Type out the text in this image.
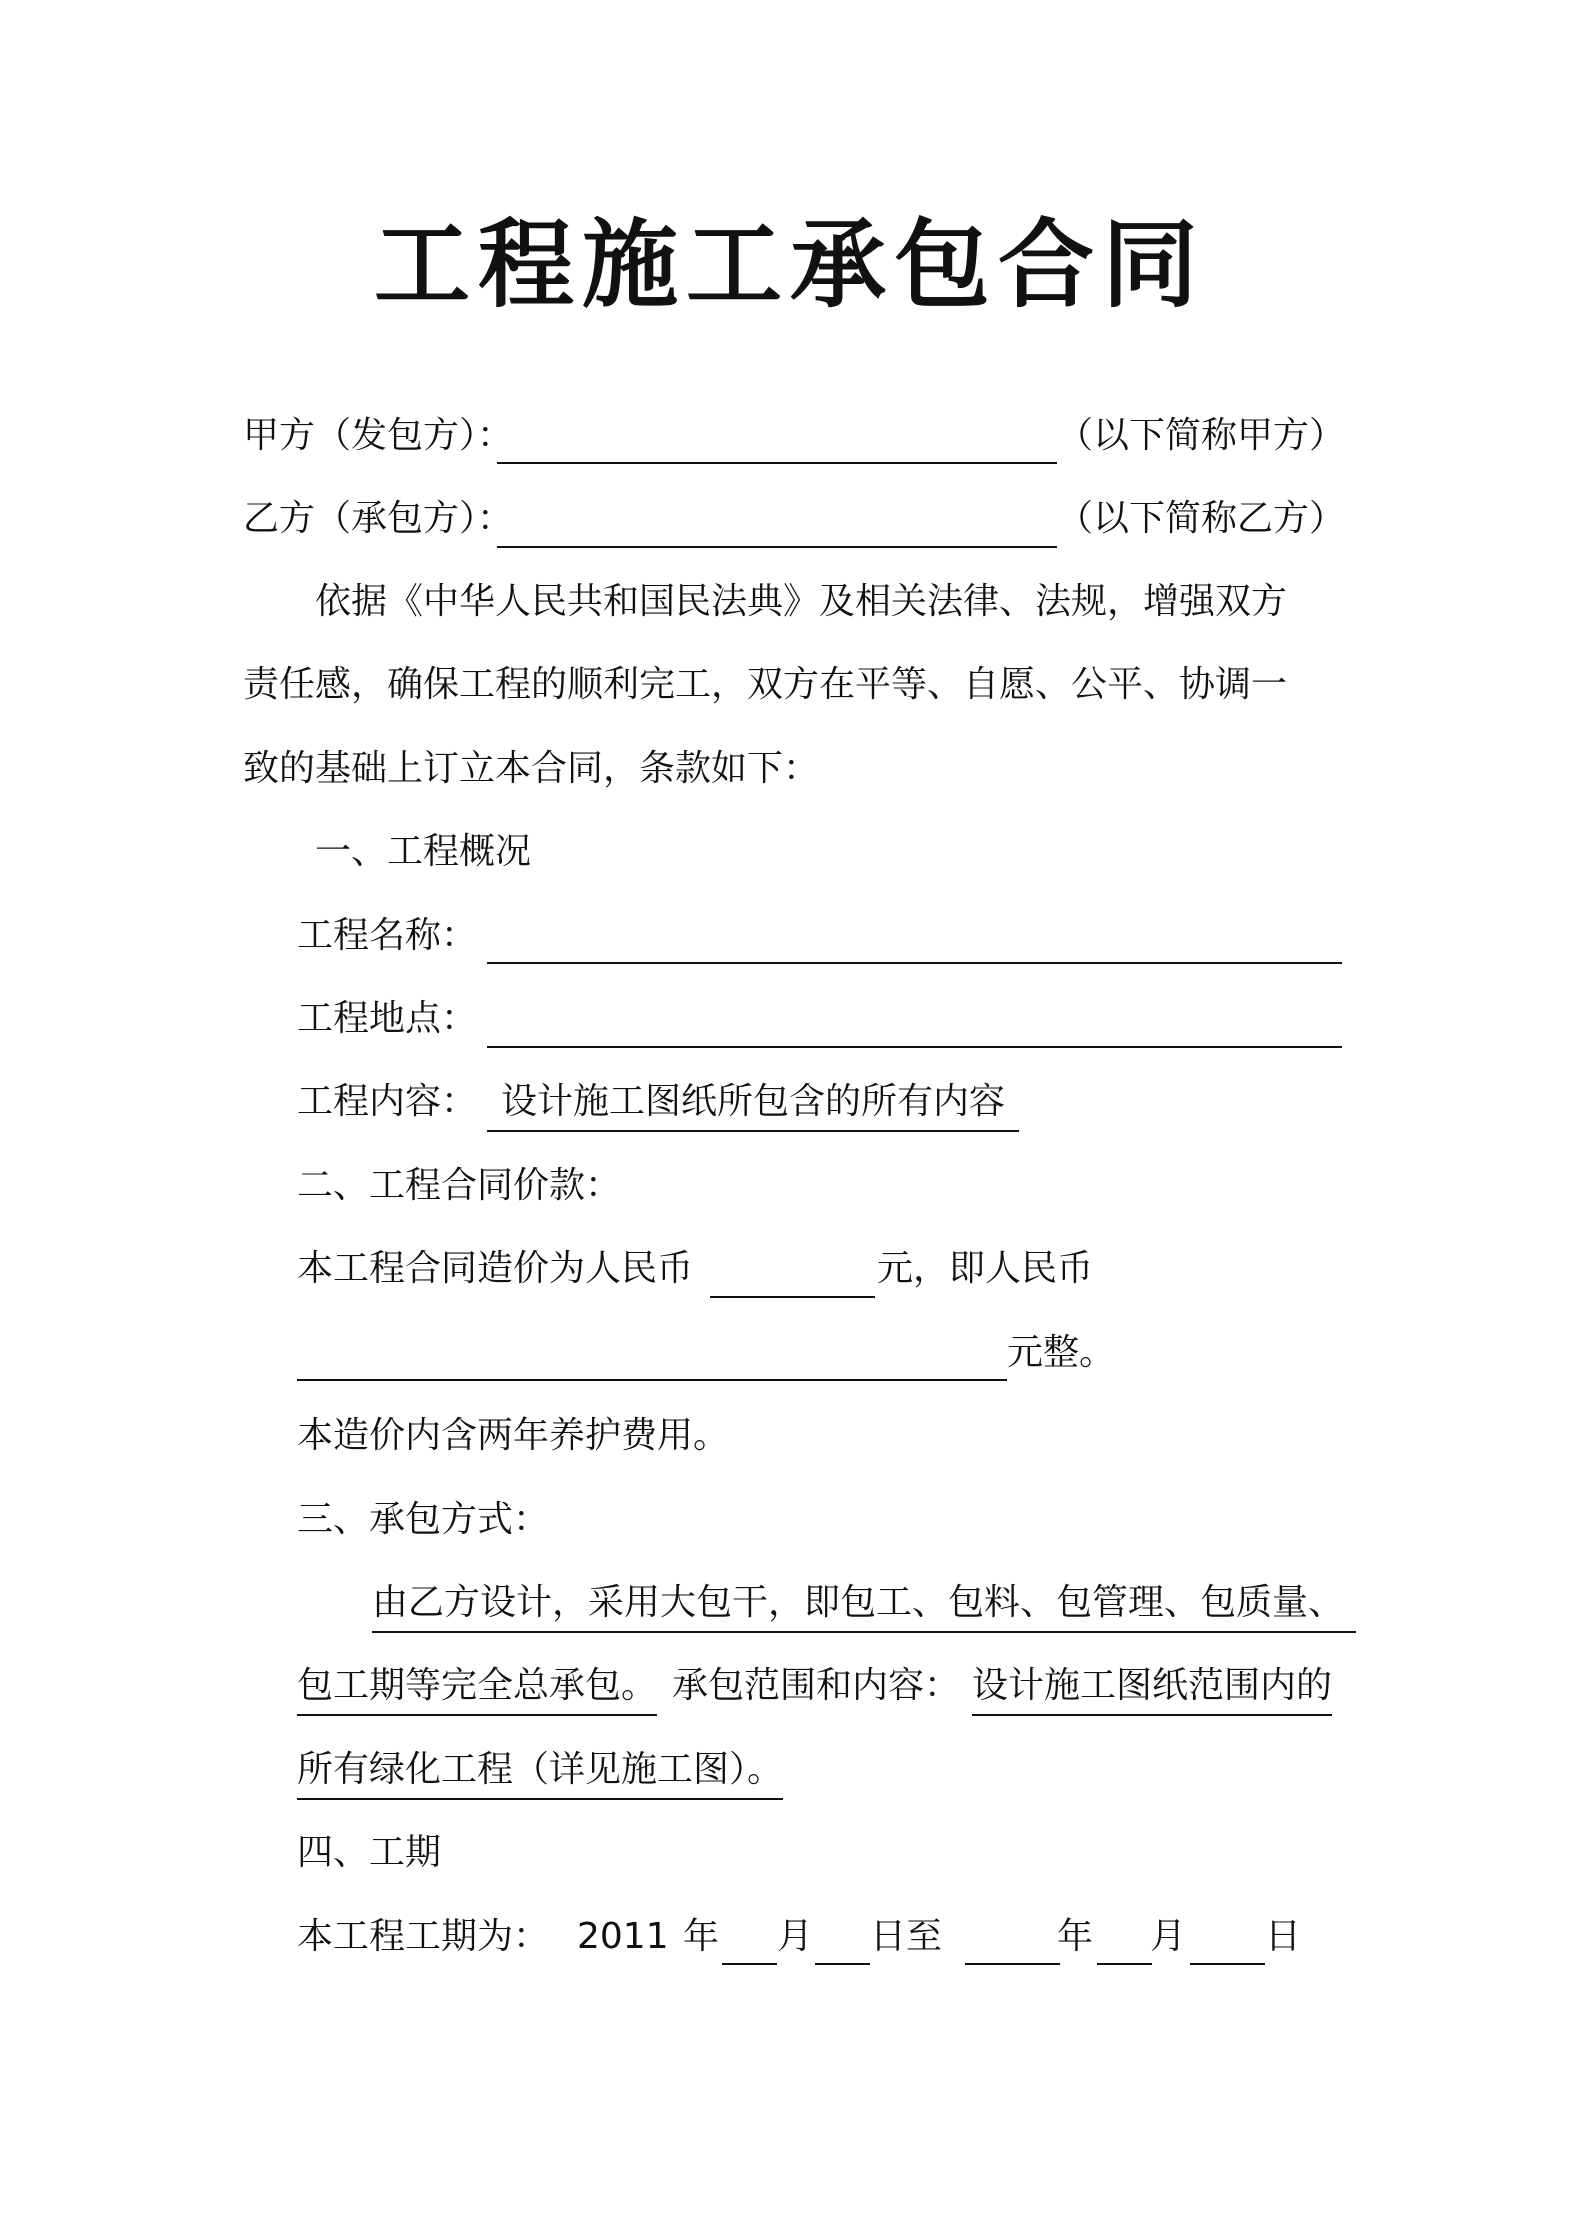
工程施工承包合同
甲方（发包方）：	（以下简称甲方）
乙方（承包方）：	（以下简称乙方）
依据《中华人民共和国民法典》及相关法律、法规，增强双方
责任感，确保工程的顺利完工，双方在平等、自愿、公平、协调一
致的基础上订立本合同，条款如下：
一、工程概况
工程名称：
工程地点：
工程内容： 设计施工图纸所包含的所有内容
二、工程合同价款：
本工程合同造价为人民币	元，即人民币
元整。
本造价内含两年养护费用。
三、承包方式：
由乙方设计，采用大包干，即包工、包料、包管理、包质量、
包工期等完全总承包。 承包范围和内容： 设计施工图纸范围内的
所有绿化工程（详见施工图）。
四、工期
本工程工期为： 2011 年 月 日至	年 月 日
